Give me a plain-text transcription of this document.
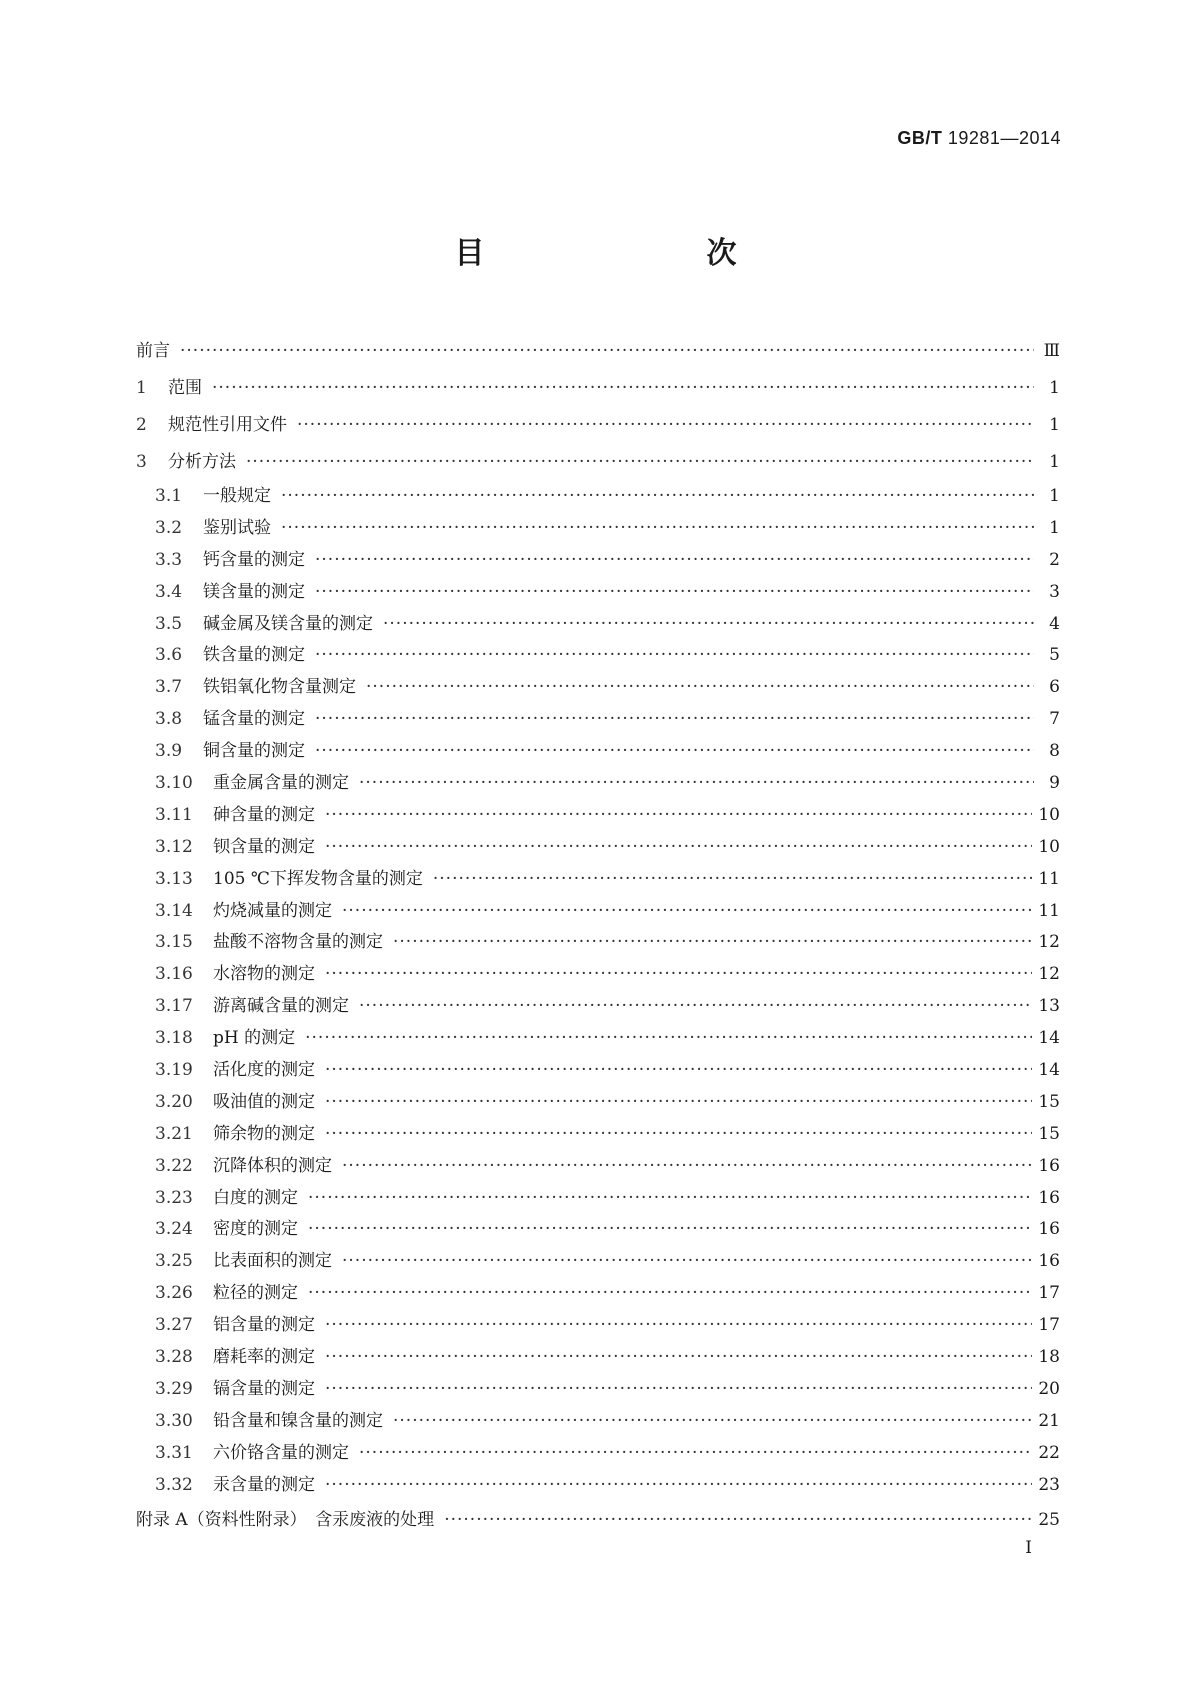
GB/T 19281—2014
目　　次
前言 ·····	Ⅲ
1	范围 ·····	1
2	规范性引用文件 ·····	1
3	分析方法 ·····	1
3.1	一般规定 ·····	1
3.2	鉴别试验 ·····	1
3.3	钙含量的测定 ·····	2
3.4	镁含量的测定 ·····	3
3.5	碱金属及镁含量的测定 ·····	4
3.6	铁含量的测定 ·····	5
3.7	铁铝氧化物含量测定 ·····	6
3.8	锰含量的测定 ·····	7
3.9	铜含量的测定 ·····	8
3.10	重金属含量的测定 ·····	9
3.11	砷含量的测定 ·····	10
3.12	钡含量的测定 ·····	10
3.13	105 ℃下挥发物含量的测定 ·····	11
3.14	灼烧减量的测定 ·····	11
3.15	盐酸不溶物含量的测定 ·····	12
3.16	水溶物的测定 ·····	12
3.17	游离碱含量的测定 ·····	13
3.18	pH 的测定 ·····	14
3.19	活化度的测定 ·····	14
3.20	吸油值的测定 ·····	15
3.21	筛余物的测定 ·····	15
3.22	沉降体积的测定 ·····	16
3.23	白度的测定 ·····	16
3.24	密度的测定 ·····	16
3.25	比表面积的测定 ·····	16
3.26	粒径的测定 ·····	17
3.27	铝含量的测定 ·····	17
3.28	磨耗率的测定 ·····	18
3.29	镉含量的测定 ·····	20
3.30	铅含量和镍含量的测定 ·····	21
3.31	六价铬含量的测定 ·····	22
3.32	汞含量的测定 ·····	23
附录 A（资料性附录）　含汞废液的处理 ·····	25
I
